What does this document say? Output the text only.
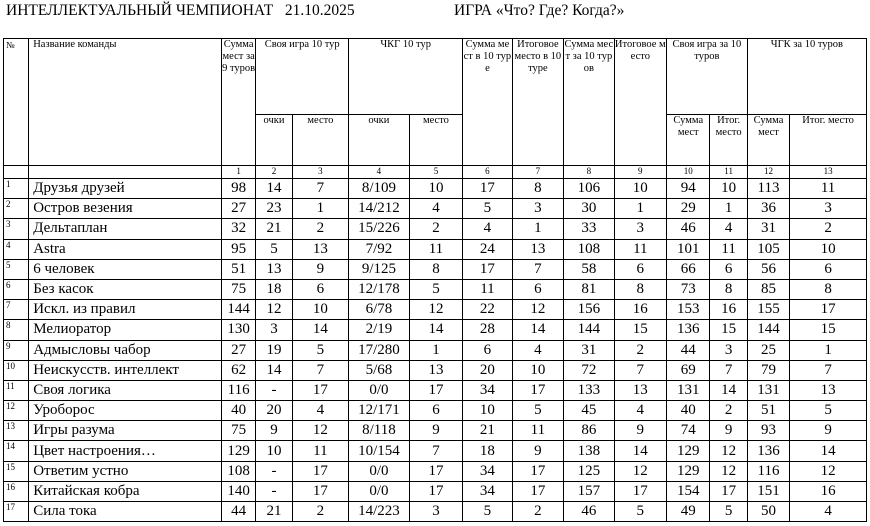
ИНТЕЛЛЕКТУАЛЬНЫЙ ЧЕМПИОНАТ   21.10.2025	ИГРА «Что? Где? Когда?»
№	Название команды	Сумма мест за 9 туров	Своя игра 10 тур		ЧКГ 10 тур		Сумма мест в 10 туре	Итоговое место в 10 туре	Сумма мест за 10 туров	Итоговое место	Своя игра за 10 туров		ЧГК за 10 туров	
			очки	место	очки	место					Сумма мест	Итог. место	Сумма мест	Итог. место
		1	2	3	4	5	6	7	8	9	10	11	12	13
1	Друзья друзей	98	14	7	8/109	10	17	8	106	10	94	10	113	11
2	Остров везения	27	23	1	14/212	4	5	3	30	1	29	1	36	3
3	Дельтаплан	32	21	2	15/226	2	4	1	33	3	46	4	31	2
4	Astra	95	5	13	7/92	11	24	13	108	11	101	11	105	10
5	6 человек	51	13	9	9/125	8	17	7	58	6	66	6	56	6
6	Без касок	75	18	6	12/178	5	11	6	81	8	73	8	85	8
7	Искл. из правил	144	12	10	6/78	12	22	12	156	16	153	16	155	17
8	Мелиоратор	130	3	14	2/19	14	28	14	144	15	136	15	144	15
9	Адмысловы чабор	27	19	5	17/280	1	6	4	31	2	44	3	25	1
10	Неискусств. интеллект	62	14	7	5/68	13	20	10	72	7	69	7	79	7
11	Своя логика	116	-	17	0/0	17	34	17	133	13	131	14	131	13
12	Уроборос	40	20	4	12/171	6	10	5	45	4	40	2	51	5
13	Игры разума	75	9	12	8/118	9	21	11	86	9	74	9	93	9
14	Цвет настроения…	129	10	11	10/154	7	18	9	138	14	129	12	136	14
15	Ответим устно	108	-	17	0/0	17	34	17	125	12	129	12	116	12
16	Китайская кобра	140	-	17	0/0	17	34	17	157	17	154	17	151	16
17	Сила тока	44	21	2	14/223	3	5	2	46	5	49	5	50	4
